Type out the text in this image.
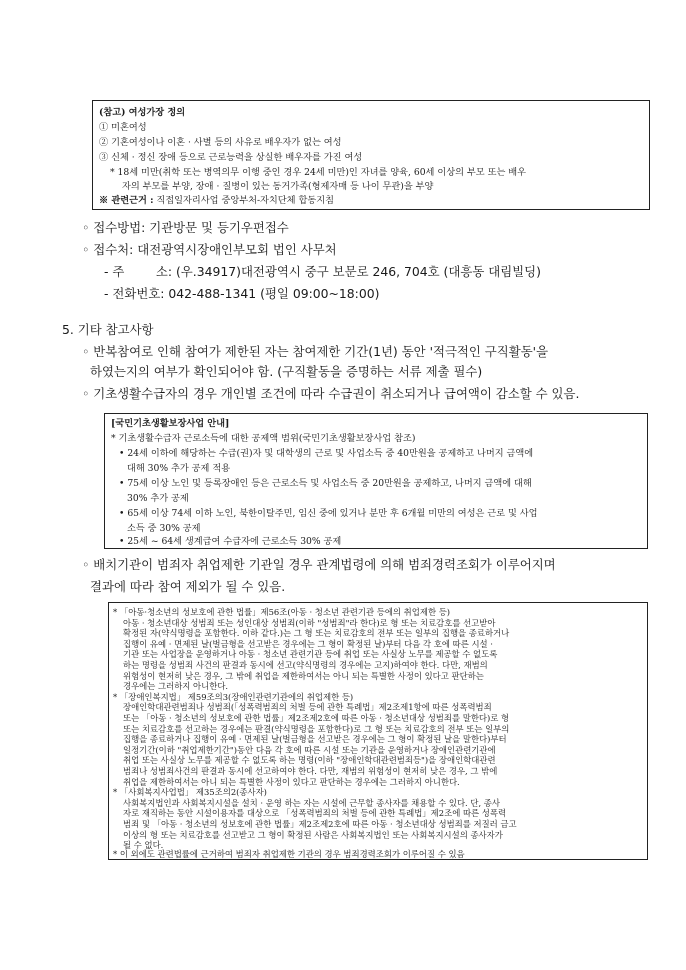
(참고) 여성가장 정의
① 미혼여성
② 기혼여성이나 이혼 · 사별 등의 사유로 배우자가 없는 여성
③ 신체 · 정신 장애 등으로 근로능력을 상실한 배우자를 가진 여성
* 18세 미만(취학 또는 병역의무 이행 중인 경우 24세 미만)인 자녀를 양육, 60세 이상의 부모 또는 배우
자의 부모를 부양, 장애 · 질병이 있는 동거가족(형제자매 등 나이 무관)을 부양
※ 관련근거 : 직접일자리사업 중앙부처-자치단체 합동지침
◦ 접수방법: 기관방문 및 등기우편접수
◦ 접수처: 대전광역시장애인부모회 법인 사무처
- 주        소: (우.34917)대전광역시 중구 보문로 246, 704호 (대흥동 대림빌딩)
- 전화번호: 042-488-1341 (평일 09:00~18:00)
5. 기타 참고사항
◦ 반복참여로 인해 참여가 제한된 자는 참여제한 기간(1년) 동안 '적극적인 구직활동'을
하였는지의 여부가 확인되어야 함. (구직활동을 증명하는 서류 제출 필수)
◦ 기초생활수급자의 경우 개인별 조건에 따라 수급권이 취소되거나 급여액이 감소할 수 있음.
[국민기초생활보장사업 안내]
* 기초생활수급자 근로소득에 대한 공제액 범위(국민기초생활보장사업 참조)
• 24세 이하에 해당하는 수급(권)자 및 대학생의 근로 및 사업소득 중 40만원을 공제하고 나머지 금액에
대해 30% 추가 공제 적용
• 75세 이상 노인 및 등록장애인 등은 근로소득 및 사업소득 중 20만원을 공제하고, 나머지 금액에 대해
30% 추가 공제
• 65세 이상 74세 이하 노인, 북한이탈주민, 임신 중에 있거나 분만 후 6개월 미만의 여성은 근로 및 사업
소득 중 30% 공제
• 25세 ~ 64세 생계급여 수급자에 근로소득 30% 공제
◦ 배치기관이 범죄자 취업제한 기관일 경우 관계법령에 의해 범죄경력조회가 이루어지며
결과에 따라 참여 제외가 될 수 있음.
* 「아동·청소년의 성보호에 관한 법률」제56조(아동 · 청소년 관련기관 등에의 취업제한 등)
아동 · 청소년대상 성범죄 또는 성인대상 성범죄(이하 "성범죄"라 한다)로 형 또는 치료감호를 선고받아
확정된 자(약식명령을 포함한다. 이하 같다.)는 그 형 또는 치료감호의 전부 또는 일부의 집행을 종료하거나
집행이 유예 · 면제된 날(벌금형을 선고받은 경우에는 그 형이 확정된 날)부터 다음 각 호에 따른 시설 ·
기관 또는 사업장을 운영하거나 아동 · 청소년 관련기관 등에 취업 또는 사실상 노무를 제공할 수 없도록
하는 명령을 성범죄 사건의 판결과 동시에 선고(약식명령의 경우에는 고지)하여야 한다. 다만, 재범의
위험성이 현저히 낮은 경우, 그 밖에 취업을 제한하여서는 아니 되는 특별한 사정이 있다고 판단하는
경우에는 그러하지 아니한다.
* 「장애인복지법」 제59조의3(장애인관련기관에의 취업제한 등)
장애인학대관련범죄나 성범죄(「성폭력범죄의 처벌 등에 관한 특례법」제2조제1항에 따른 성폭력범죄
또는 「아동 · 청소년의 성보호에 관한 법률」제2조제2호에 따른 아동 · 청소년대상 성범죄를 말한다)로 형
또는 치료감호를 선고하는 경우에는 판결(약식명령을 포함한다)로 그 형 또는 치료감호의 전부 또는 일부의
집행을 종료하거나 집행이 유예 · 면제된 날(벌금형을 선고받은 경우에는 그 형이 확정된 날을 말한다)부터
일정기간(이하 "취업제한기간")동안 다음 각 호에 따른 시설 또는 기관을 운영하거나 장애인관련기관에
취업 또는 사실상 노무를 제공할 수 없도록 하는 명령(이하 "장애인학대관련범죄등")을 장애인학대관련
범죄나 성범죄사건의 판결과 동시에 선고하여야 한다. 다만, 재범의 위험성이 현저히 낮은 경우, 그 밖에
취업을 제한하여서는 아니 되는 특별한 사정이 있다고 판단하는 경우에는 그러하지 아니한다.
* 「사회복지사업법」 제35조의2(종사자)
사회복지법인과 사회복지시설을 설치 · 운영 하는 자는 시설에 근무할 종사자를 채용할 수 있다. 단, 종사
자로 재직하는 동안 시설이용자를 대상으로 「성폭력범죄의 처벌 등에 관한 특례법」제2조에 따른 성폭력
범죄 및 「아동 · 청소년의 성보호에 관한 법률」제2조제2호에 따른 아동 · 청소년대상 성범죄를 저질러 금고
이상의 형 또는 치료감호를 선고받고 그 형이 확정된 사람은 사회복지법인 또는 사회복지시설의 종사자가
될 수 없다.
* 이 외에도 관련법률에 근거하여 범죄자 취업제한 기관의 경우 범죄경력조회가 이루어질 수 있음
